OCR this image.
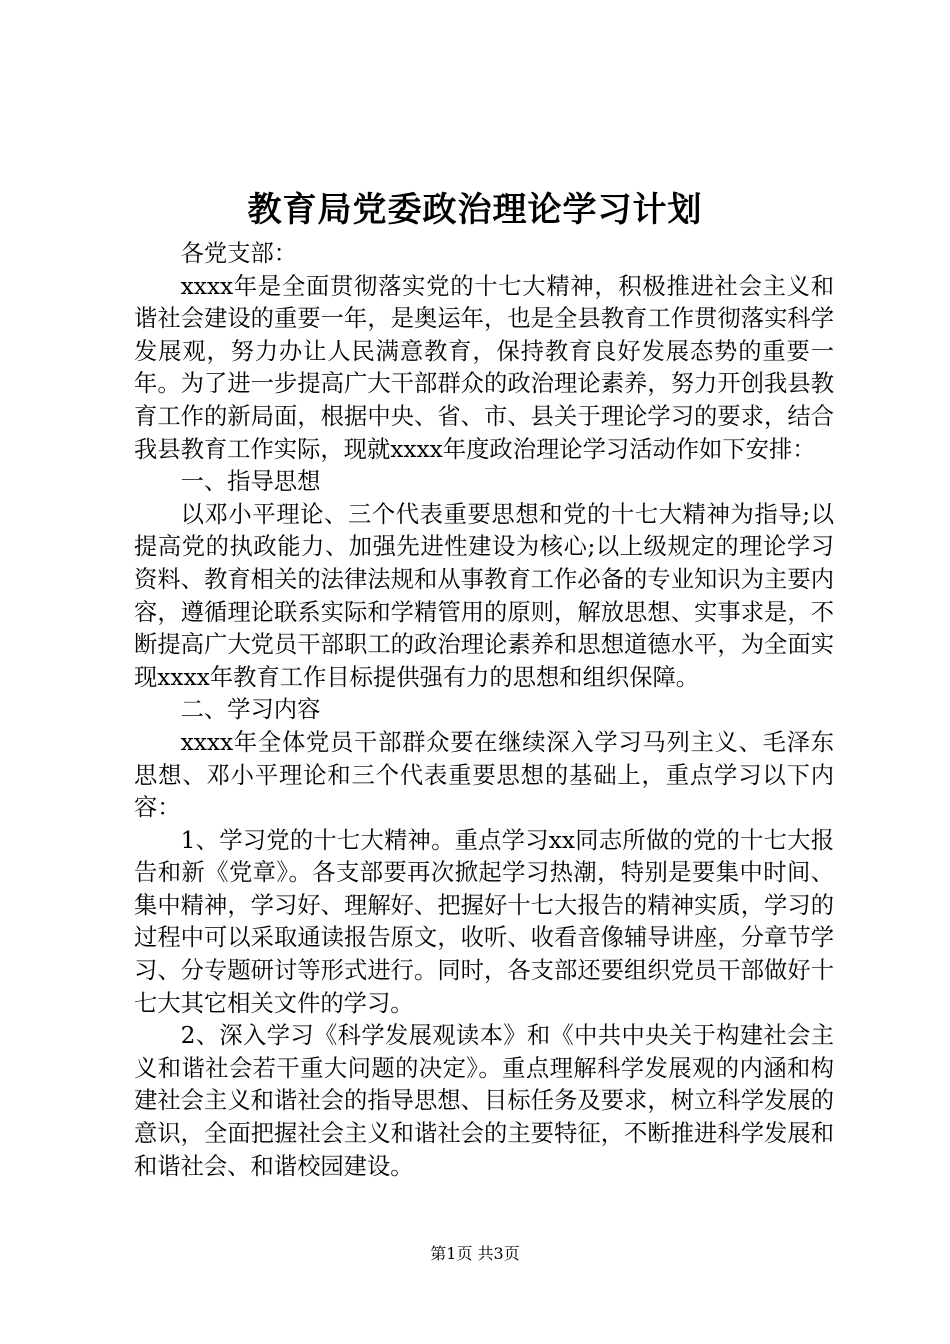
教育局党委政治理论学习计划

各党支部：

xxxx年是全面贯彻落实党的十七大精神，积极推进社会主义和谐社会建设的重要一年，是奥运年，也是全县教育工作贯彻落实科学发展观，努力办让人民满意教育，保持教育良好发展态势的重要一年。为了进一步提高广大干部群众的政治理论素养，努力开创我县教育工作的新局面，根据中央、省、市、县关于理论学习的要求，结合我县教育工作实际，现就xxxx年度政治理论学习活动作如下安排：

一、指导思想

以邓小平理论、三个代表重要思想和党的十七大精神为指导;以提高党的执政能力、加强先进性建设为核心;以上级规定的理论学习资料、教育相关的法律法规和从事教育工作必备的专业知识为主要内容，遵循理论联系实际和学精管用的原则，解放思想、实事求是，不断提高广大党员干部职工的政治理论素养和思想道德水平，为全面实现xxxx年教育工作目标提供强有力的思想和组织保障。

二、学习内容

xxxx年全体党员干部群众要在继续深入学习马列主义、毛泽东思想、邓小平理论和三个代表重要思想的基础上，重点学习以下内容：

1、学习党的十七大精神。重点学习xx同志所做的党的十七大报告和新《党章》。各支部要再次掀起学习热潮，特别是要集中时间、集中精神，学习好、理解好、把握好十七大报告的精神实质，学习的过程中可以采取通读报告原文，收听、收看音像辅导讲座，分章节学习、分专题研讨等形式进行。同时，各支部还要组织党员干部做好十七大其它相关文件的学习。

2、深入学习《科学发展观读本》和《中共中央关于构建社会主义和谐社会若干重大问题的决定》。重点理解科学发展观的内涵和构建社会主义和谐社会的指导思想、目标任务及要求，树立科学发展的意识，全面把握社会主义和谐社会的主要特征，不断推进科学发展和和谐社会、和谐校园建设。

第1页 共3页
